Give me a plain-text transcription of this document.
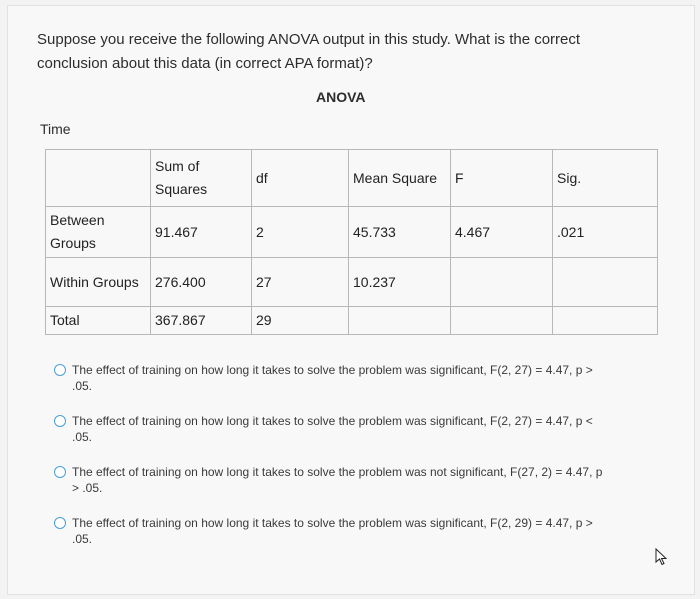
Suppose you receive the following ANOVA output in this study. What is the correct
conclusion about this data (in correct APA format)?
ANOVA
Time
	Sum of Squares	df	Mean Square	F	Sig.
Between Groups	91.467	2	45.733	4.467	.021
Within Groups	276.400	27	10.237		
Total	367.867	29			
The effect of training on how long it takes to solve the problem was significant, F(2, 27) = 4.47, p >
.05.
The effect of training on how long it takes to solve the problem was significant, F(2, 27) = 4.47, p <
.05.
The effect of training on how long it takes to solve the problem was not significant, F(27, 2) = 4.47, p
> .05.
The effect of training on how long it takes to solve the problem was significant, F(2, 29) = 4.47, p >
.05.
